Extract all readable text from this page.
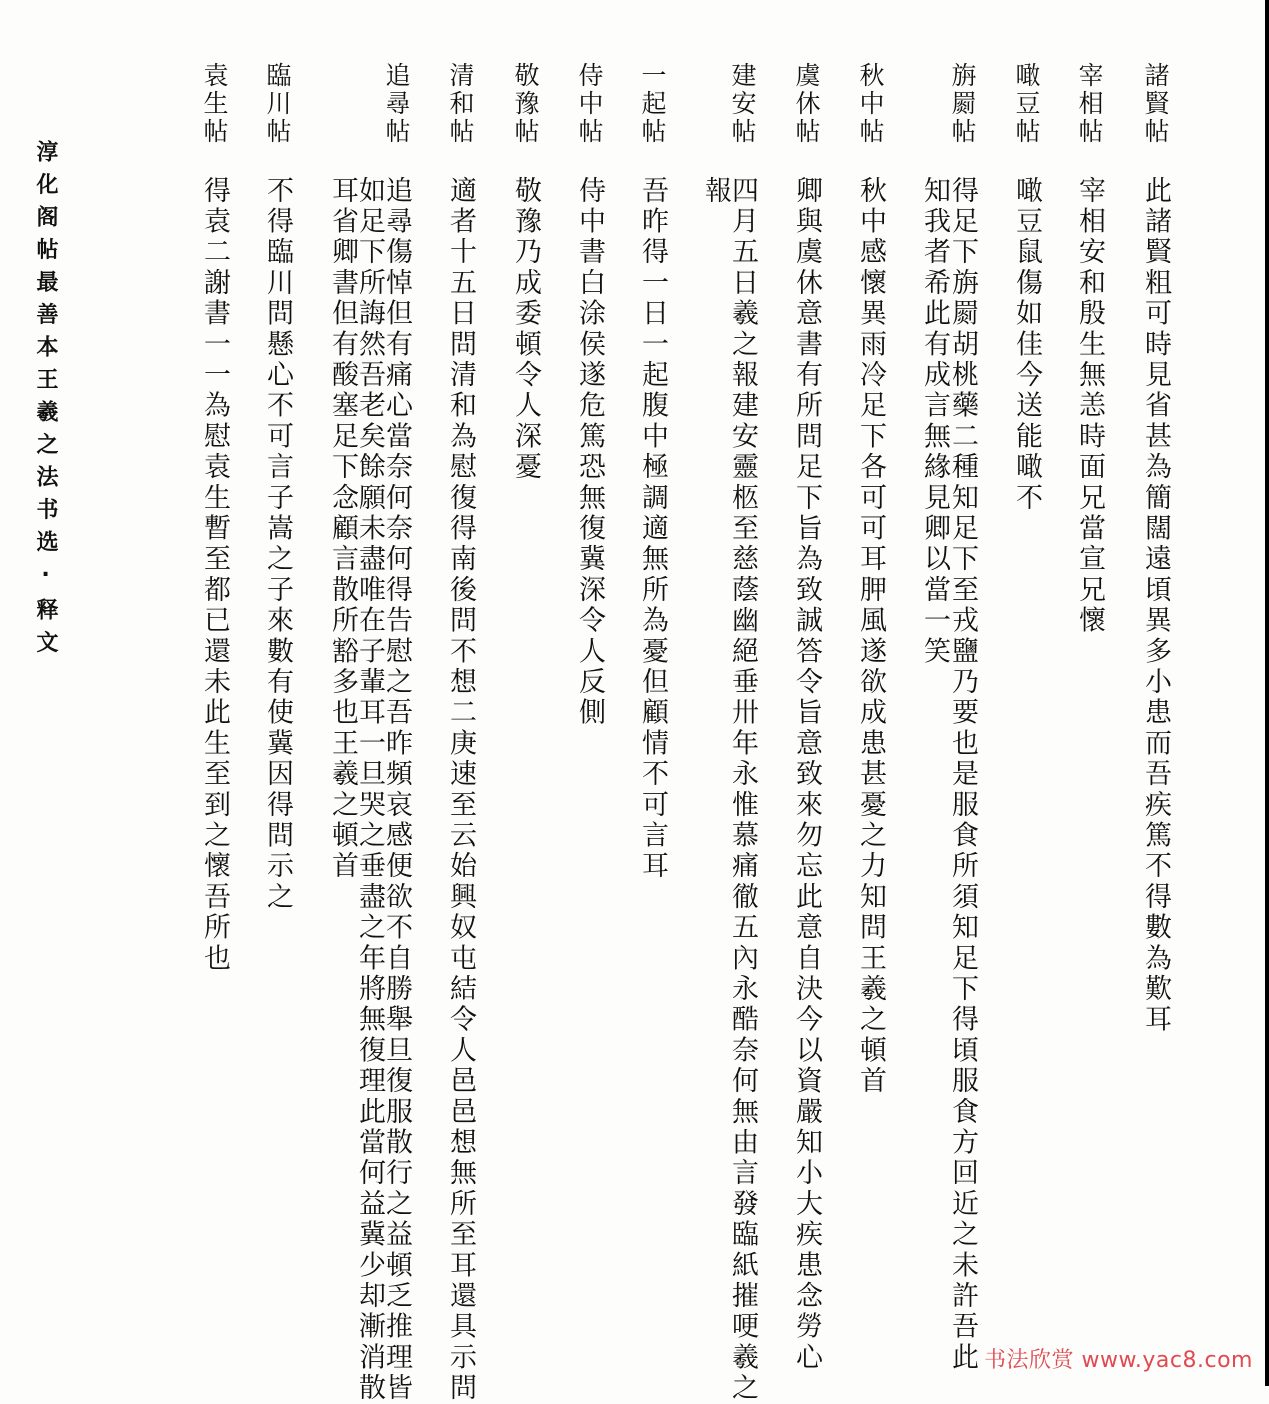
諸賢帖
此諸賢粗可時見省甚為簡闊遠頃異多小患而吾疾篤不得數為歎耳
宰相帖
宰相安和殷生無恙時面兄當宣兄懷
噉豆帖
噉豆鼠傷如佳今送能噉不
旃罽帖
得足下旃罽胡桃藥二種知足下至戎鹽乃要也是服食所須知足下得頃服食方回近之未許吾此
知我者希此有成言無緣見卿以當一笑
秋中帖
秋中感懷異雨冷足下各可可耳胛風遂欲成患甚憂之力知問王羲之頓首
虞休帖
卿與虞休意書有所問足下旨為致誠答令旨意致來勿忘此意自決今以資嚴知小大疾患念勞心
建安帖
四月五日羲之報建安靈柩至慈蔭幽絕垂卅年永惟慕痛徹五內永酷奈何無由言發臨紙摧哽羲之
報
一起帖
吾昨得一日一起腹中極調適無所為憂但顧情不可言耳
侍中帖
侍中書白涂侯遂危篤恐無復冀深令人反側
敬豫帖
敬豫乃成委頓令人深憂
清和帖
適者十五日問清和為慰復得南後問不想二庚速至云始興奴屯結令人邑邑想無所至耳還具示問
追尋帖
追尋傷悼但有痛心當奈何奈何得告慰之吾昨頻哀感便欲不自勝舉旦復服散行之益頓乏推理皆
如足下所誨然吾老矣餘願未盡唯在子輩耳一旦哭之垂盡之年將無復理此當何益冀少却漸消散
耳省卿書但有酸塞足下念顧言散所豁多也王羲之頓首
臨川帖
不得臨川問懸心不可言子嵩之子來數有使冀因得問示之
袁生帖
得袁二謝書一一為慰袁生暫至都已還未此生至到之懷吾所也
淳化阁帖最善本王羲之法书选·释文
书法欣赏 www.yac8.com
